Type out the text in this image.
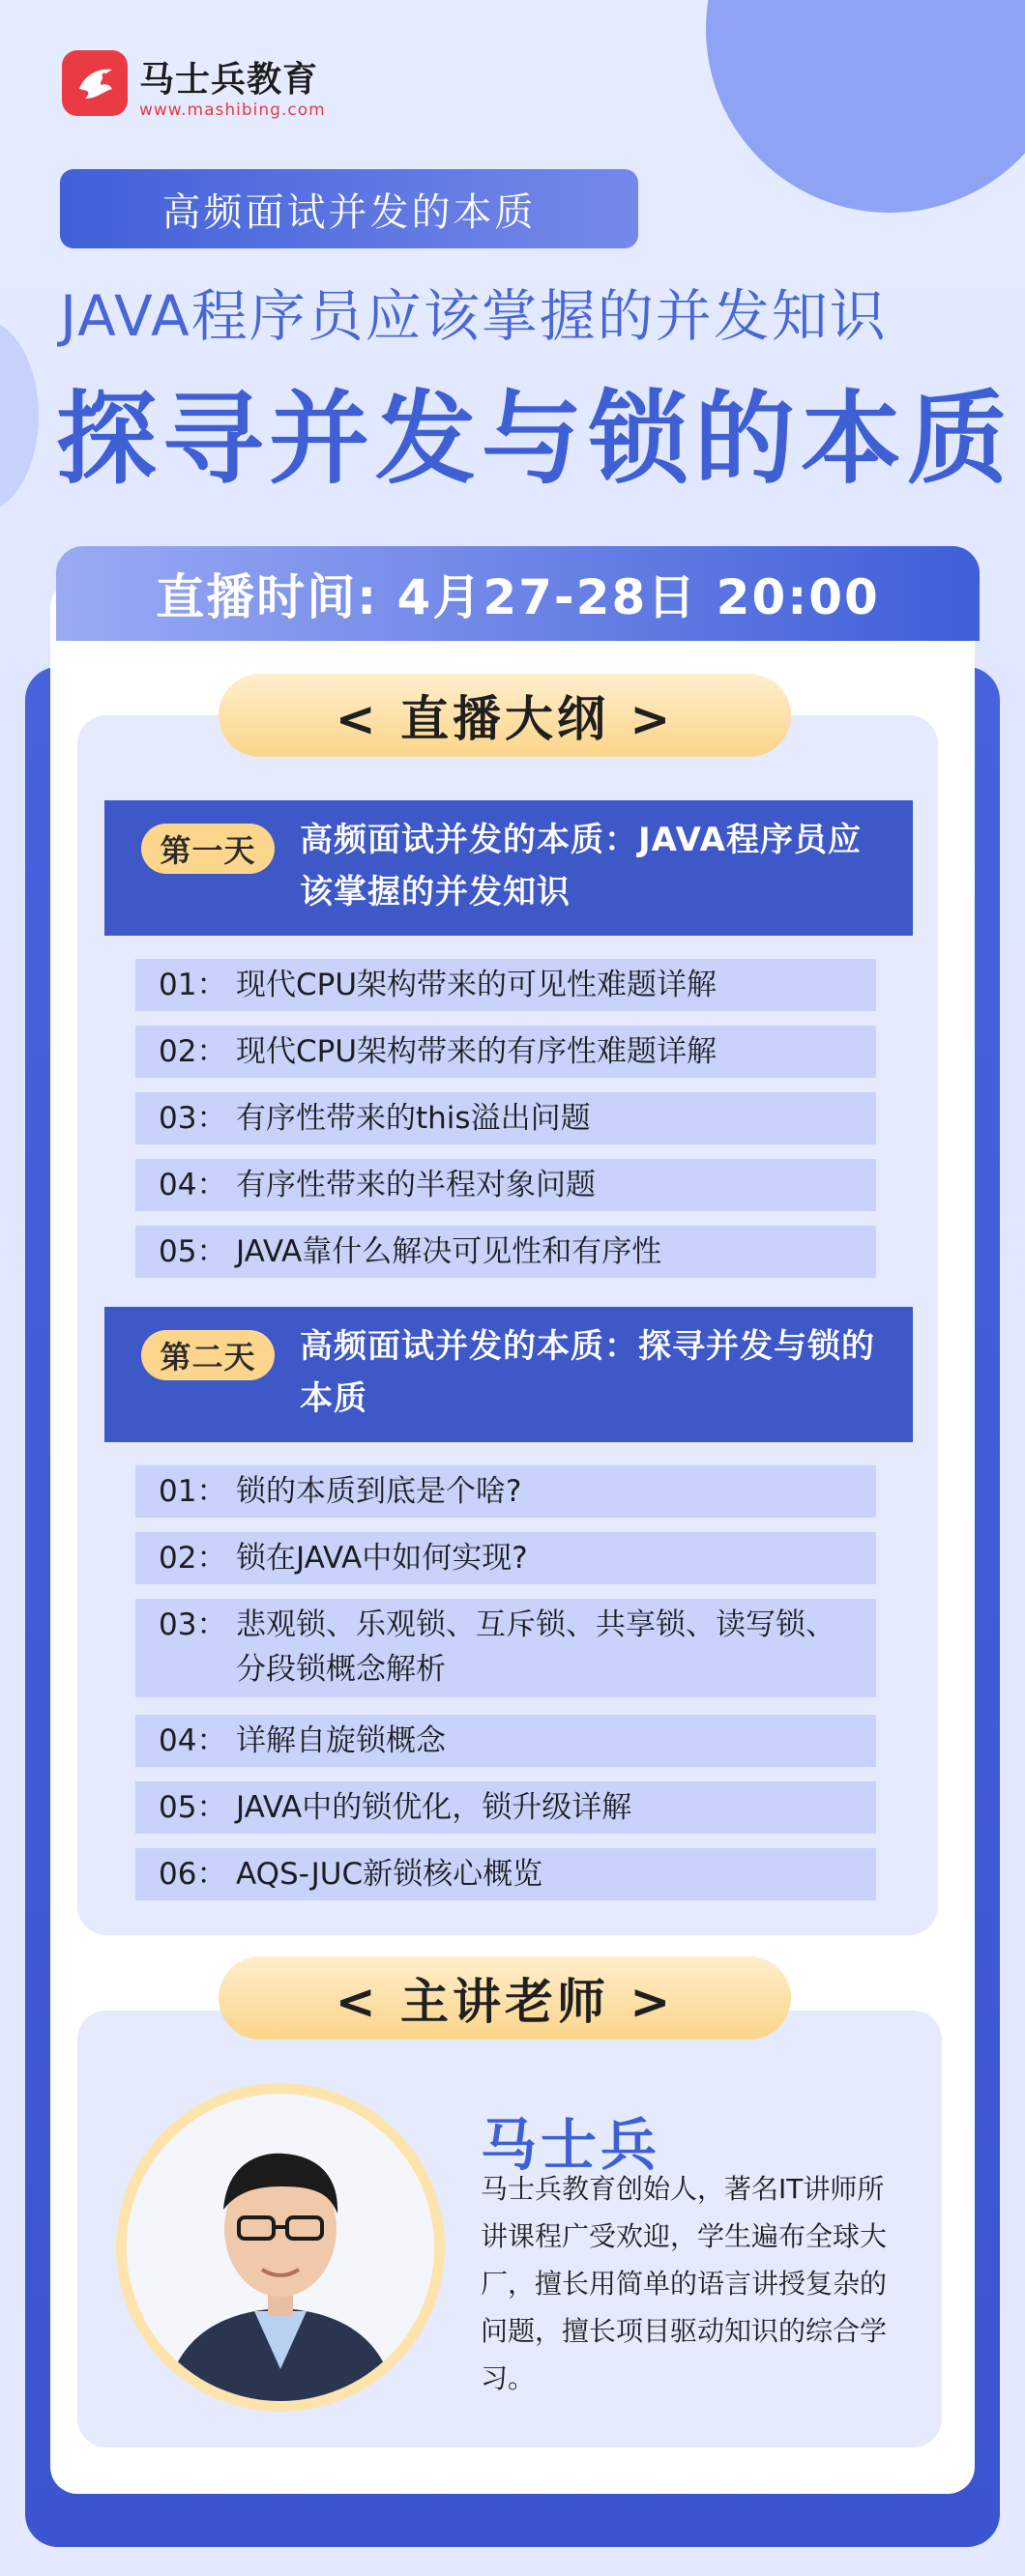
马士兵教育
www.mashibing.com
高频面试并发的本质
JAVA程序员应该掌握的并发知识
探寻并发与锁的本质
直播时间: 4月27-28日 20:00
< 直播大纲 >
第一天	高频面试并发的本质：JAVA程序员应该掌握的并发知识
01： 现代CPU架构带来的可见性难题详解
02： 现代CPU架构带来的有序性难题详解
03： 有序性带来的this溢出问题
04： 有序性带来的半程对象问题
05： JAVA靠什么解决可见性和有序性
第二天	高频面试并发的本质：探寻并发与锁的本质
01： 锁的本质到底是个啥?
02： 锁在JAVA中如何实现?
03： 悲观锁、乐观锁、互斥锁、共享锁、读写锁、分段锁概念解析
04： 详解自旋锁概念
05： JAVA中的锁优化，锁升级详解
06： AQS-JUC新锁核心概览
< 主讲老师 >
马士兵
马士兵教育创始人，著名IT讲师所讲课程广受欢迎，学生遍布全球大厂，擅长用简单的语言讲授复杂的问题，擅长项目驱动知识的综合学习。
